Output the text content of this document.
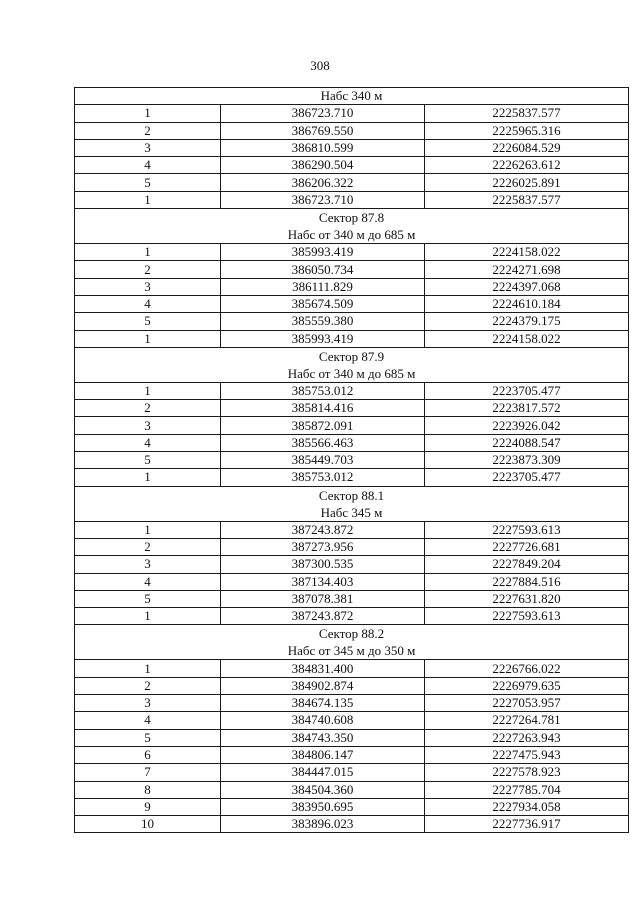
308
Набс 340 м		

1	386723.710	2225837.577
2	386769.550	2225965.316
3	386810.599	2226084.529
4	386290.504	2226263.612
5	386206.322	2226025.891
1	386723.710	2225837.577

Сектор 87.8
Набс от 340 м до 685 м		

1	385993.419	2224158.022
2	386050.734	2224271.698
3	386111.829	2224397.068
4	385674.509	2224610.184
5	385559.380	2224379.175
1	385993.419	2224158.022

Сектор 87.9
Набс от 340 м до 685 м		

1	385753.012	2223705.477
2	385814.416	2223817.572
3	385872.091	2223926.042
4	385566.463	2224088.547
5	385449.703	2223873.309
1	385753.012	2223705.477

Сектор 88.1
Набс 345 м		

1	387243.872	2227593.613
2	387273.956	2227726.681
3	387300.535	2227849.204
4	387134.403	2227884.516
5	387078.381	2227631.820
1	387243.872	2227593.613

Сектор 88.2
Набс от 345 м до 350 м		

1	384831.400	2226766.022
2	384902.874	2226979.635
3	384674.135	2227053.957
4	384740.608	2227264.781
5	384743.350	2227263.943
6	384806.147	2227475.943
7	384447.015	2227578.923
8	384504.360	2227785.704
9	383950.695	2227934.058
10	383896.023	2227736.917
